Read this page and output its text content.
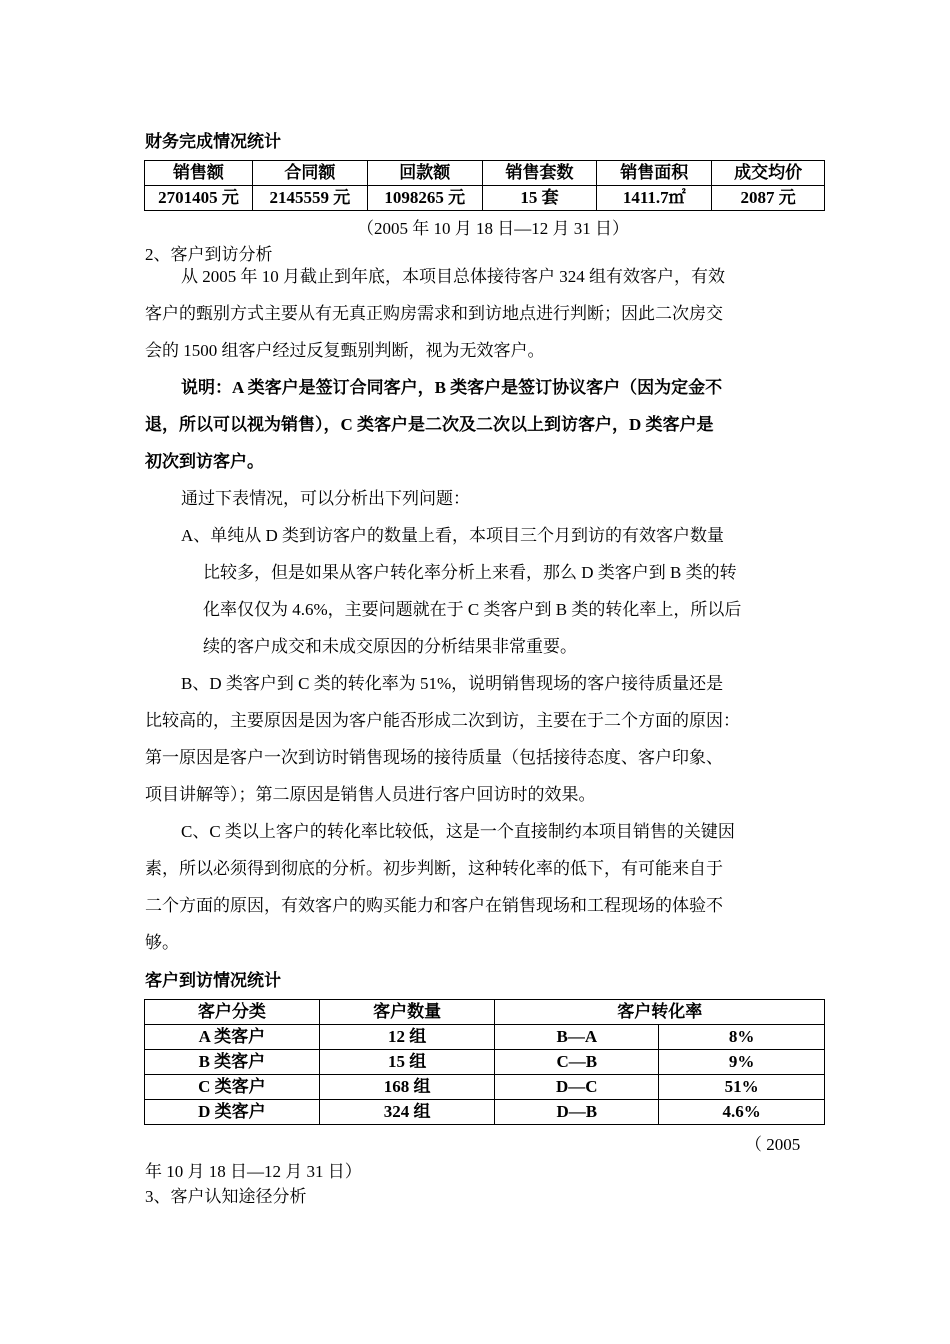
财务完成情况统计
销售额	合同额	回款额	销售套数	销售面积	成交均价
2701405 元	2145559 元	1098265 元	15 套	1411.7㎡	2087 元
（2005 年 10 月 18 日—12 月 31 日）
2、客户到访分析

从 2005 年 10 月截止到年底，本项目总体接待客户 324 组有效客户，有效

客户的甄别方式主要从有无真正购房需求和到访地点进行判断；因此二次房交

会的 1500 组客户经过反复甄别判断，视为无效客户。

说明：A 类客户是签订合同客户，B 类客户是签订协议客户（因为定金不

退，所以可以视为销售），C 类客户是二次及二次以上到访客户，D 类客户是

初次到访客户。

通过下表情况，可以分析出下列问题：

A、单纯从 D 类到访客户的数量上看，本项目三个月到访的有效客户数量

比较多，但是如果从客户转化率分析上来看，那么 D 类客户到 B 类的转

化率仅仅为 4.6%，主要问题就在于 C 类客户到 B 类的转化率上，所以后

续的客户成交和未成交原因的分析结果非常重要。

B、D 类客户到 C 类的转化率为 51%，说明销售现场的客户接待质量还是

比较高的，主要原因是因为客户能否形成二次到访，主要在于二个方面的原因：

第一原因是客户一次到访时销售现场的接待质量（包括接待态度、客户印象、

项目讲解等）；第二原因是销售人员进行客户回访时的效果。

C、C 类以上客户的转化率比较低，这是一个直接制约本项目销售的关键因

素，所以必须得到彻底的分析。初步判断，这种转化率的低下，有可能来自于

二个方面的原因，有效客户的购买能力和客户在销售现场和工程现场的体验不

够。

客户到访情况统计
客户分类	客户数量	客户转化率	
A 类客户	12 组	B—A	8%
B 类客户	15 组	C—B	9%
C 类客户	168 组	D—C	51%
D 类客户	324 组	D—B	4.6%
（ 2005
年 10 月 18 日—12 月 31 日）
3、客户认知途径分析
